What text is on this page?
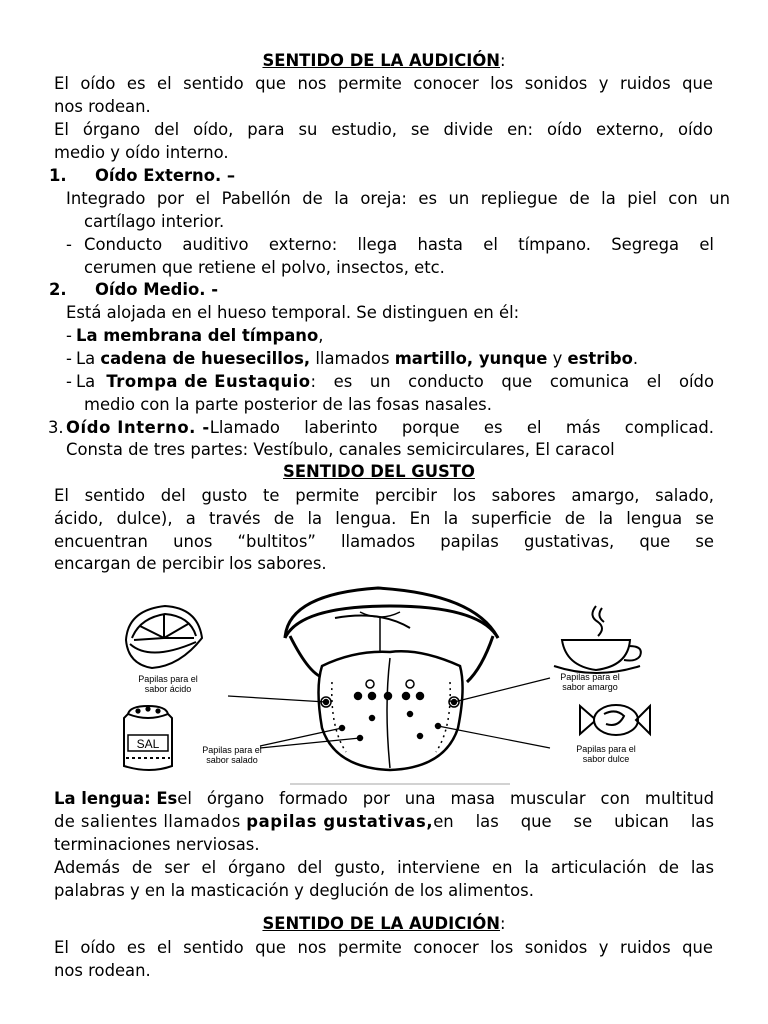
SENTIDO DE LA AUDICIÓN:
El oído es el sentido que nos permite conocer los sonidos y ruidos que
nos rodean.
El órgano del oído, para su estudio, se divide en: oído externo, oído
medio y oído interno.
1. Oído Externo. –
Integrado por el Pabellón de la oreja: es un repliegue de la piel con un
cartílago interior.
- Conducto auditivo externo: llega hasta el tímpano. Segrega el
cerumen que retiene el polvo, insectos, etc.
2. Oído Medio. -
Está alojada en el hueso temporal. Se distinguen en él:
- La membrana del tímpano,
- La cadena de huesecillos, llamados martillo, yunque y estribo.
- La Trompa de Eustaquio : es un conducto que comunica el oído
medio con la parte posterior de las fosas nasales.
3. Oído Interno. - Llamado laberinto porque es el más complicad.
Consta de tres partes: Vestíbulo, canales semicirculares, El caracol
SENTIDO DEL GUSTO
El sentido del gusto te permite percibir los sabores amargo, salado,
ácido, dulce), a través de la lengua. En la superficie de la lengua se
encuentran unos “bultitos” llamados papilas gustativas, que se
encargan de percibir los sabores.
SAL
Papilas para el
sabor ácido
Papilas para el
sabor amargo
Papilas para el
sabor salado
Papilas para el
sabor dulce
La lengua: Es el órgano formado por una masa muscular con multitud
de salientes llamados papilas gustativas, en las que se ubican las
terminaciones nerviosas.
Además de ser el órgano del gusto, interviene en la articulación de las
palabras y en la masticación y deglución de los alimentos.
SENTIDO DE LA AUDICIÓN:
El oído es el sentido que nos permite conocer los sonidos y ruidos que
nos rodean.
